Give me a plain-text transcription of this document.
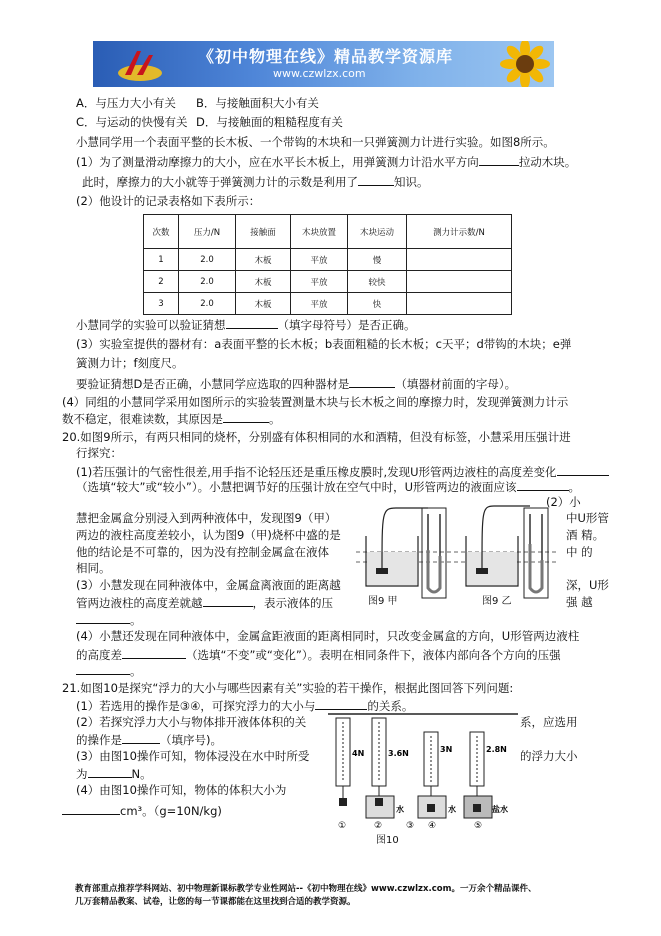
《初中物理在线》精品教学资源库
www.czwlzx.com
A．与压力大小有关 B．与接触面积大小有关
C．与运动的快慢有关 D．与接触面的粗糙程度有关
小慧同学用一个表面平整的长木板、一个带钩的木块和一只弹簧测力计进行实验。如图8所示。
(1）为了测量滑动摩擦力的大小，应在水平长木板上，用弹簧测力计沿水平方向	拉动木块。
此时，摩擦力的大小就等于弹簧测力计的示数是利用了	知识。
(2）他设计的记录表格如下表所示：
次数	压力/N	接触面	木块放置	木块运动	测力计示数/N
1	2.0	木板	平放	慢	
2	2.0	木板	平放	较快	
3	2.0	木板	平放	快	
小慧同学的实验可以验证猜想	（填字母符号）是否正确。
(3）实验室提供的器材有：a表面平整的长木板；b表面粗糙的长木板；c天平；d带钩的木块；e弹
簧测力计；f刻度尺。
要验证猜想D是否正确，小慧同学应选取的四种器材是	（填器材前面的字母）。
(4）同组的小慧同学采用如图所示的实验装置测量木块与长木板之间的摩擦力时，发现弹簧测力计示
数不稳定，很难读数，其原因是	。
20.如图9所示，有两只相同的烧杯，分别盛有体积相同的水和酒精，但没有标签，小慧采用压强计进
行探究：
(1)若压强计的气密性很差,用手指不论轻压还是重压橡皮膜时,发现U形管两边液柱的高度差变化
（选填“较大”或“较小”）。小慧把调节好的压强计放在空气中时，U形管两边的液面应该	。
(2）小
慧把金属盒分别浸入到两种液体中，发现图9（甲）	中U形管
两边的液柱高度差较小，认为图9（甲)烧杯中盛的是	酒 精。
他的结论是不可靠的，因为没有控制金属盒在液体	中 的
相同。
(3）小慧发现在同种液体中，金属盒离液面的距离越	深，U形
管两边液柱的高度差就越	，表示液体的压	强 越
。
图9 甲	图9 乙
(4）小慧还发现在同种液体中，金属盒距液面的距离相同时，只改变金属盒的方向，U形管两边液柱
的高度差	（选填“不变”或“变化”）。表明在相同条件下，液体内部向各个方向的压强
。
21.如图10是探究“浮力的大小与哪些因素有关”实验的若干操作，根据此图回答下列问题:
(1）若选用的操作是③④，可探究浮力的大小与	的关系。
(2）若探究浮力大小与物体排开液体体积的关	系，应选用
的操作是	（填序号)。
(3）由图10操作可知，物体浸没在水中时所受	的浮力大小
为	N。
(4）由图10操作可知，物体的体积大小为
cm³。（g=10N/kg)
4N	3.6N	3N	2.8N
水	水	盐水
①	②	③ ④	⑤
图10
教育部重点推荐学科网站、初中物理新课标教学专业性网站--《初中物理在线》www.czwlzx.com。一万余个精品课件、
几万套精品教案、试卷，让您的每一节课都能在这里找到合适的教学资源。
